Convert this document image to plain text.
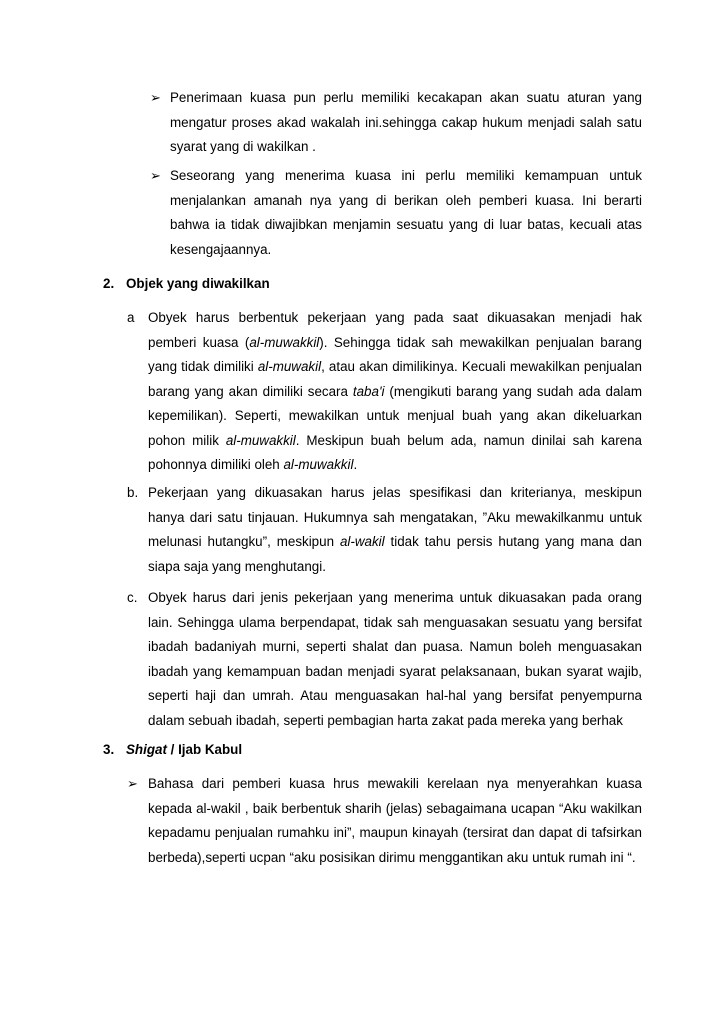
➢ Penerimaan kuasa pun perlu memiliki kecakapan akan suatu aturan yang mengatur proses akad wakalah ini.sehingga cakap hukum menjadi salah satu syarat yang di wakilkan .
➢ Seseorang yang menerima kuasa ini perlu memiliki kemampuan untuk menjalankan amanah nya yang di berikan oleh pemberi kuasa. Ini berarti bahwa ia tidak diwajibkan menjamin sesuatu yang di luar batas, kecuali atas kesengajaannya.
2. Objek yang diwakilkan
a Obyek harus berbentuk pekerjaan yang pada saat dikuasakan menjadi hak pemberi kuasa (al-muwakkil). Sehingga tidak sah mewakilkan penjualan barang yang tidak dimiliki al-muwakil, atau akan dimilikinya. Kecuali mewakilkan penjualan barang yang akan dimiliki secara taba'i (mengikuti barang yang sudah ada dalam kepemilikan). Seperti, mewakilkan untuk menjual buah yang akan dikeluarkan pohon milik al-muwakkil. Meskipun buah belum ada, namun dinilai sah karena pohonnya dimiliki oleh al-muwakkil.
b. Pekerjaan yang dikuasakan harus jelas spesifikasi dan kriterianya, meskipun hanya dari satu tinjauan. Hukumnya sah mengatakan, ”Aku mewakilkanmu untuk melunasi hutangku”, meskipun al-wakil tidak tahu persis hutang yang mana dan siapa saja yang menghutangi.
c. Obyek harus dari jenis pekerjaan yang menerima untuk dikuasakan pada orang lain. Sehingga ulama berpendapat, tidak sah menguasakan sesuatu yang bersifat ibadah badaniyah murni, seperti shalat dan puasa. Namun boleh menguasakan ibadah yang kemampuan badan menjadi syarat pelaksanaan, bukan syarat wajib, seperti haji dan umrah. Atau menguasakan hal-hal yang bersifat penyempurna dalam sebuah ibadah, seperti pembagian harta zakat pada mereka yang berhak
3. Shigat / Ijab Kabul
➢ Bahasa dari pemberi kuasa hrus mewakili kerelaan nya menyerahkan kuasa kepada al-wakil , baik berbentuk sharih (jelas) sebagaimana ucapan “Aku wakilkan kepadamu penjualan rumahku ini”, maupun kinayah (tersirat dan dapat di tafsirkan berbeda),seperti ucpan “aku posisikan dirimu menggantikan aku untuk rumah ini “.
